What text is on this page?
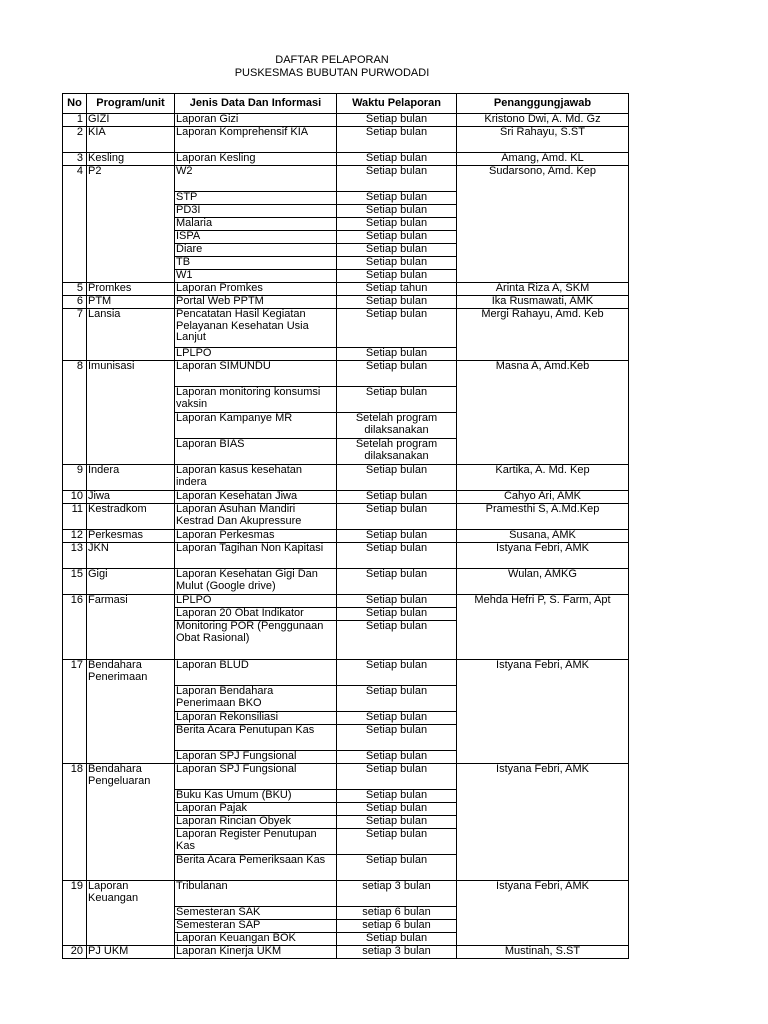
DAFTAR PELAPORAN
PUSKESMAS BUBUTAN PURWODADI
No	Program/unit	Jenis Data Dan Informasi	Waktu Pelaporan	Penanggungjawab
1	GIZI	Laporan Gizi	Setiap bulan	Kristono Dwi, A. Md. Gz
2	KIA	Laporan Komprehensif KIA	Setiap bulan	Sri Rahayu, S.ST
3	Kesling	Laporan Kesling	Setiap bulan	Amang, Amd. KL
4	P2	W2	Setiap bulan	Sudarsono, Amd. Kep
		STP	Setiap bulan	
		PD3I	Setiap bulan	
		Malaria	Setiap bulan	
		ISPA	Setiap bulan	
		Diare	Setiap bulan	
		TB	Setiap bulan	
		W1	Setiap bulan	
5	Promkes	Laporan Promkes	Setiap tahun	Arinta Riza A, SKM
6	PTM	Portal Web PPTM	Setiap bulan	Ika Rusmawati, AMK
7	Lansia	Pencatatan Hasil Kegiatan Pelayanan Kesehatan Usia Lanjut	Setiap bulan	Mergi Rahayu, Amd. Keb
		LPLPO	Setiap bulan	
8	Imunisasi	Laporan SIMUNDU	Setiap bulan	Masna A, Amd.Keb
		Laporan monitoring konsumsi vaksin	Setiap bulan	
		Laporan Kampanye MR	Setelah program dilaksanakan	
		Laporan BIAS	Setelah program dilaksanakan	
9	Indera	Laporan kasus kesehatan indera	Setiap bulan	Kartika, A. Md. Kep
10	Jiwa	Laporan Kesehatan Jiwa	Setiap bulan	Cahyo Ari, AMK
11	Kestradkom	Laporan Asuhan Mandiri Kestrad Dan Akupressure	Setiap bulan	Pramesthi S, A.Md.Kep
12	Perkesmas	Laporan Perkesmas	Setiap bulan	Susana, AMK
13	JKN	Laporan Tagihan Non Kapitasi	Setiap bulan	Istyana Febri, AMK
15	Gigi	Laporan Kesehatan Gigi Dan Mulut (Google drive)	Setiap bulan	Wulan, AMKG
16	Farmasi	LPLPO	Setiap bulan	Mehda Hefri P, S. Farm, Apt
		Laporan 20 Obat Indikator	Setiap bulan	
		Monitoring POR (Penggunaan Obat Rasional)	Setiap bulan	
17	Bendahara Penerimaan	Laporan BLUD	Setiap bulan	Istyana Febri, AMK
		Laporan Bendahara Penerimaan BKO	Setiap bulan	
		Laporan Rekonsiliasi	Setiap bulan	
		Berita Acara Penutupan Kas	Setiap bulan	
		Laporan SPJ Fungsional	Setiap bulan	
18	Bendahara Pengeluaran	Laporan SPJ Fungsional	Setiap bulan	Istyana Febri, AMK
		Buku Kas Umum (BKU)	Setiap bulan	
		Laporan Pajak	Setiap bulan	
		Laporan Rincian Obyek	Setiap bulan	
		Laporan Register Penutupan Kas	Setiap bulan	
		Berita Acara Pemeriksaan Kas	Setiap bulan	
19	Laporan Keuangan	Tribulanan	setiap 3 bulan	Istyana Febri, AMK
		Semesteran SAK	setiap 6 bulan	
		Semesteran SAP	setiap 6 bulan	
		Laporan Keuangan BOK	Setiap bulan	
20	PJ UKM	Laporan Kinerja UKM	setiap 3 bulan	Mustinah, S.ST
